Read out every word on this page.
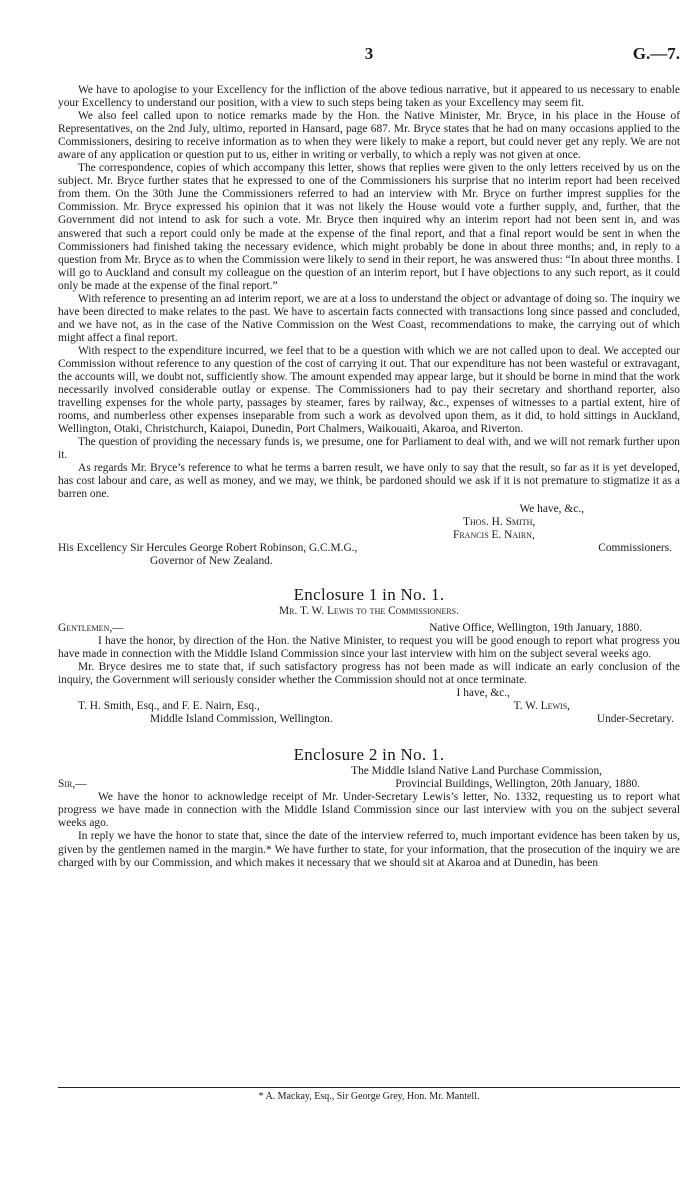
3	G.—7.

We have to apologise to your Excellency for the infliction of the above tedious narrative, but it appeared to us necessary to enable your Excellency to understand our position, with a view to such steps being taken as your Excellency may seem fit.

We also feel called upon to notice remarks made by the Hon. the Native Minister, Mr. Bryce, in his place in the House of Representatives, on the 2nd July, ultimo, reported in Hansard, page 687. Mr. Bryce states that he had on many occasions applied to the Commissioners, desiring to receive information as to when they were likely to make a report, but could never get any reply. We are not aware of any application or question put to us, either in writing or verbally, to which a reply was not given at once.

The correspondence, copies of which accompany this letter, shows that replies were given to the only letters received by us on the subject. Mr. Bryce further states that he expressed to one of the Commissioners his surprise that no interim report had been received from them. On the 30th June the Commissioners referred to had an interview with Mr. Bryce on further imprest supplies for the Commission. Mr. Bryce expressed his opinion that it was not likely the House would vote a further supply, and, further, that the Government did not intend to ask for such a vote. Mr. Bryce then inquired why an interim report had not been sent in, and was answered that such a report could only be made at the expense of the final report, and that a final report would be sent in when the Commissioners had finished taking the necessary evidence, which might probably be done in about three months; and, in reply to a question from Mr. Bryce as to when the Commission were likely to send in their report, he was answered thus: “In about three months. I will go to Auckland and consult my colleague on the question of an interim report, but I have objections to any such report, as it could only be made at the expense of the final report.”

With reference to presenting an ad interim report, we are at a loss to understand the object or advantage of doing so. The inquiry we have been directed to make relates to the past. We have to ascertain facts connected with transactions long since passed and concluded, and we have not, as in the case of the Native Commission on the West Coast, recommendations to make, the carrying out of which might affect a final report.

With respect to the expenditure incurred, we feel that to be a question with which we are not called upon to deal. We accepted our Commission without reference to any question of the cost of carrying it out. That our expenditure has not been wasteful or extravagant, the accounts will, we doubt not, sufficiently show. The amount expended may appear large, but it should be borne in mind that the work necessarily involved considerable outlay or expense. The Commissioners had to pay their secretary and shorthand reporter, also travelling expenses for the whole party, passages by steamer, fares by railway, &c., expenses of witnesses to a partial extent, hire of rooms, and numberless other expenses inseparable from such a work as devolved upon them, as it did, to hold sittings in Auckland, Wellington, Otaki, Christchurch, Kaiapoi, Dunedin, Port Chalmers, Waikouaiti, Akaroa, and Riverton.

The question of providing the necessary funds is, we presume, one for Parliament to deal with, and we will not remark further upon it.

As regards Mr. Bryce’s reference to what he terms a barren result, we have only to say that the result, so far as it is yet developed, has cost labour and care, as well as money, and we may, we think, be pardoned should we ask if it is not premature to stigmatize it as a barren one.

We have, &c.,
Thos. H. Smith,
Francis E. Nairn,
His Excellency Sir Hercules George Robert Robinson, G.C.M.G.,	Commissioners.
Governor of New Zealand.
Enclosure 1 in No. 1.
Mr. T. W. Lewis to the Commissioners.
Gentlemen,—	Native Office, Wellington, 19th January, 1880.

I have the honor, by direction of the Hon. the Native Minister, to request you will be good enough to report what progress you have made in connection with the Middle Island Commission since your last interview with him on the subject several weeks ago.

Mr. Bryce desires me to state that, if such satisfactory progress has not been made as will indicate an early conclusion of the inquiry, the Government will seriously consider whether the Commission should not at once terminate.

I have, &c.,
T. H. Smith, Esq., and F. E. Nairn, Esq.,	T. W. Lewis,
Middle Island Commission, Wellington.	Under-Secretary.
Enclosure 2 in No. 1.
The Middle Island Native Land Purchase Commission,
Sir,—	Provincial Buildings, Wellington, 20th January, 1880.

We have the honor to acknowledge receipt of Mr. Under-Secretary Lewis’s letter, No. 1332, requesting us to report what progress we have made in connection with the Middle Island Commission since our last interview with you on the subject several weeks ago.

In reply we have the honor to state that, since the date of the interview referred to, much important evidence has been taken by us, given by the gentlemen named in the margin.* We have further to state, for your information, that the prosecution of the inquiry we are charged with by our Commission, and which makes it necessary that we should sit at Akaroa and at Dunedin, has been

* A. Mackay, Esq., Sir George Grey, Hon. Mr. Mantell.
